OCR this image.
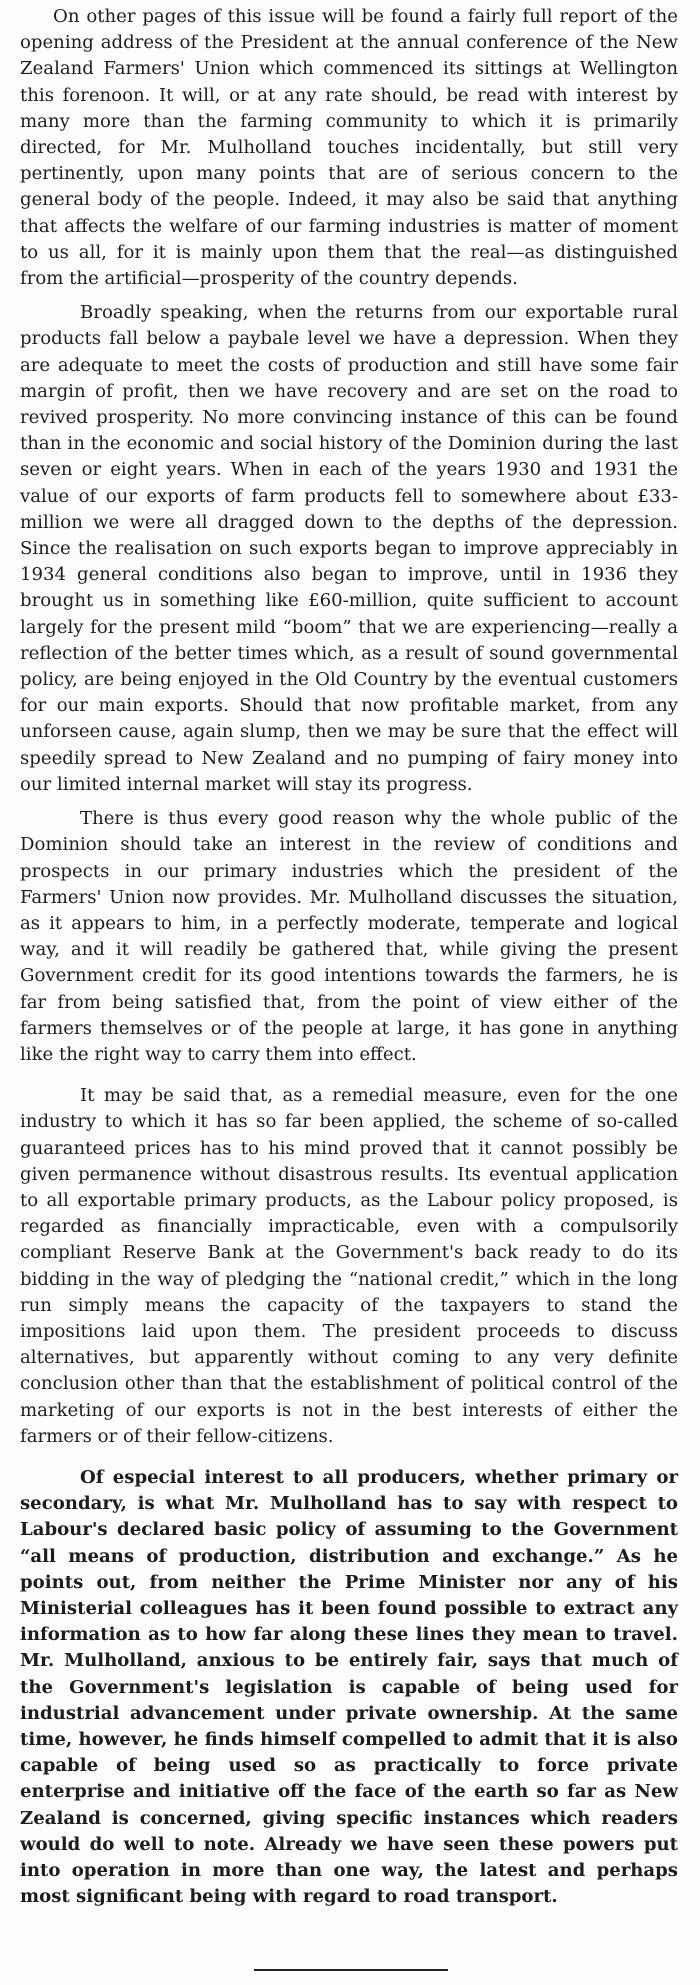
On other pages of this issue will be found a fairly full report of the opening address of the President at the annual conference of the New Zealand Farmers' Union which commenced its sittings at Wellington this forenoon. It will, or at any rate should, be read with interest by many more than the farming community to which it is primarily directed, for Mr. Mulholland touches incidentally, but still very pertinently, upon many points that are of serious concern to the general body of the people. Indeed, it may also be said that anything that affects the welfare of our farming industries is matter of moment to us all, for it is mainly upon them that the real—as distinguished from the artificial—prosperity of the country depends.

Broadly speaking, when the returns from our exportable rural products fall below a paybale level we have a depression. When they are adequate to meet the costs of production and still have some fair margin of profit, then we have recovery and are set on the road to revived prosperity. No more convincing instance of this can be found than in the economic and social history of the Dominion during the last seven or eight years. When in each of the years 1930 and 1931 the value of our exports of farm products fell to somewhere about £33-million we were all dragged down to the depths of the depression. Since the realisation on such exports began to improve appreciably in 1934 general conditions also began to improve, until in 1936 they brought us in something like £60-million, quite sufficient to account largely for the present mild “boom” that we are experiencing—really a reflection of the better times which, as a result of sound governmental policy, are being enjoyed in the Old Country by the eventual customers for our main exports. Should that now profitable market, from any unforseen cause, again slump, then we may be sure that the effect will speedily spread to New Zealand and no pumping of fairy money into our limited internal market will stay its progress.

There is thus every good reason why the whole public of the Dominion should take an interest in the review of conditions and prospects in our primary industries which the president of the Farmers' Union now provides. Mr. Mulholland discusses the situation, as it appears to him, in a perfectly moderate, temperate and logical way, and it will readily be gathered that, while giving the present Government credit for its good intentions towards the farmers, he is far from being satisfied that, from the point of view either of the farmers themselves or of the people at large, it has gone in anything like the right way to carry them into effect.

It may be said that, as a remedial measure, even for the one industry to which it has so far been applied, the scheme of so-called guaranteed prices has to his mind proved that it cannot possibly be given permanence without disastrous results. Its eventual application to all exportable primary products, as the Labour policy proposed, is regarded as financially impracticable, even with a compulsorily compliant Reserve Bank at the Government's back ready to do its bidding in the way of pledging the “national credit,” which in the long run simply means the capacity of the taxpayers to stand the impositions laid upon them. The president proceeds to discuss alternatives, but apparently without coming to any very definite conclusion other than that the establishment of political control of the marketing of our exports is not in the best interests of either the farmers or of their fellow-citizens.

Of especial interest to all producers, whether primary or secondary, is what Mr. Mulholland has to say with respect to Labour's declared basic policy of assuming to the Government “all means of production, distribution and exchange.” As he points out, from neither the Prime Minister nor any of his Ministerial colleagues has it been found possible to extract any information as to how far along these lines they mean to travel. Mr. Mulholland, anxious to be entirely fair, says that much of the Government's legislation is capable of being used for industrial advancement under private ownership. At the same time, however, he finds himself compelled to admit that it is also capable of being used so as practically to force private enterprise and initiative off the face of the earth so far as New Zealand is concerned, giving specific instances which readers would do well to note. Already we have seen these powers put into operation in more than one way, the latest and perhaps most significant being with regard to road transport.
